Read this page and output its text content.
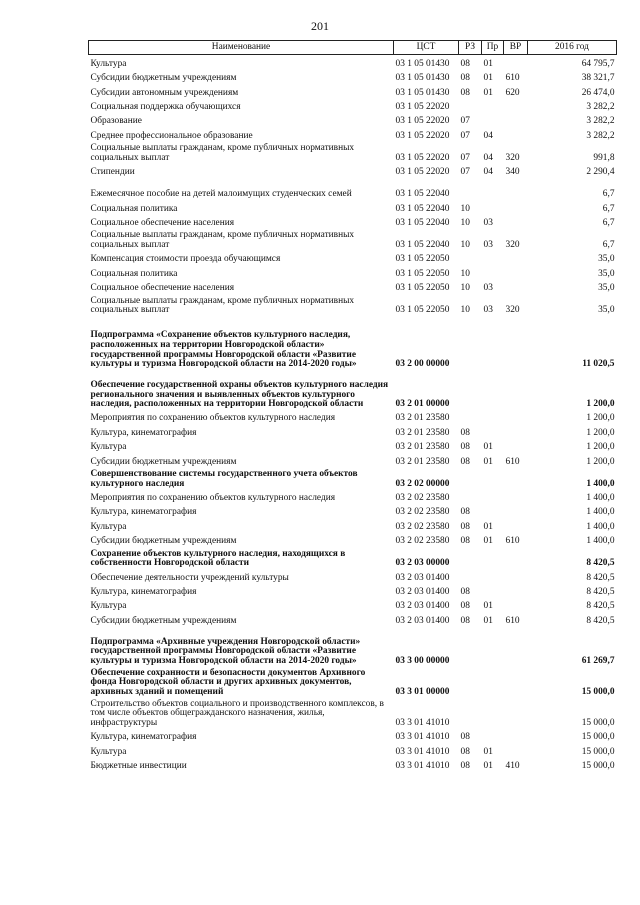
201
Наименование	ЦСТ	РЗ	Пр	ВР	2016 год
Культура	03 1 05 01430	08	01		64 795,7
Субсидии бюджетным учреждениям	03 1 05 01430	08	01	610	38 321,7
Субсидии автономным учреждениям	03 1 05 01430	08	01	620	26 474,0
Социальная поддержка обучающихся	03 1 05 22020				3 282,2
Образование	03 1 05 22020	07			3 282,2
Среднее профессиональное образование	03 1 05 22020	07	04		3 282,2
Социальные выплаты гражданам, кроме публичных нормативных социальных выплат	03 1 05 22020	07	04	320	991,8
Стипендии	03 1 05 22020	07	04	340	2 290,4
Ежемесячное пособие на детей малоимущих студенческих семей	03 1 05 22040				6,7
Социальная политика	03 1 05 22040	10			6,7
Социальное обеспечение населения	03 1 05 22040	10	03		6,7
Социальные выплаты гражданам, кроме публичных нормативных социальных выплат	03 1 05 22040	10	03	320	6,7
Компенсация стоимости проезда обучающимся	03 1 05 22050				35,0
Социальная политика	03 1 05 22050	10			35,0
Социальное обеспечение населения	03 1 05 22050	10	03		35,0
Социальные выплаты гражданам, кроме публичных нормативных социальных выплат	03 1 05 22050	10	03	320	35,0
Подпрограмма «Сохранение объектов культурного наследия, расположенных на территории Новгородской области» государственной программы Новгородской области «Развитие культуры и туризма Новгородской области на 2014-2020 годы»	03 2 00 00000				11 020,5
Обеспечение государственной охраны объектов культурного наследия регионального значения и выявленных объектов культурного наследия, расположенных на территории Новгородской области	03 2 01 00000				1 200,0
Мероприятия по сохранению объектов культурного наследия	03 2 01 23580				1 200,0
Культура, кинематография	03 2 01 23580	08			1 200,0
Культура	03 2 01 23580	08	01		1 200,0
Субсидии бюджетным учреждениям	03 2 01 23580	08	01	610	1 200,0
Совершенствование системы государственного учета объектов культурного наследия	03 2 02 00000				1 400,0
Мероприятия по сохранению объектов культурного наследия	03 2 02 23580				1 400,0
Культура, кинематография	03 2 02 23580	08			1 400,0
Культура	03 2 02 23580	08	01		1 400,0
Субсидии бюджетным учреждениям	03 2 02 23580	08	01	610	1 400,0
Сохранение объектов культурного наследия, находящихся в собственности Новгородской области	03 2 03 00000				8 420,5
Обеспечение деятельности учреждений культуры	03 2 03 01400				8 420,5
Культура, кинематография	03 2 03 01400	08			8 420,5
Культура	03 2 03 01400	08	01		8 420,5
Субсидии бюджетным учреждениям	03 2 03 01400	08	01	610	8 420,5
Подпрограмма «Архивные учреждения Новгородской области» государственной программы Новгородской области «Развитие культуры и туризма Новгородской области на 2014-2020 годы»	03 3 00 00000				61 269,7
Обеспечение сохранности и безопасности документов Архивного фонда Новгородской области и других архивных документов, архивных зданий и помещений	03 3 01 00000				15 000,0
Строительство объектов социального и производственного комплексов, в том числе объектов общегражданского назначения, жилья, инфраструктуры	03 3 01 41010				15 000,0
Культура, кинематография	03 3 01 41010	08			15 000,0
Культура	03 3 01 41010	08	01		15 000,0
Бюджетные инвестиции	03 3 01 41010	08	01	410	15 000,0
